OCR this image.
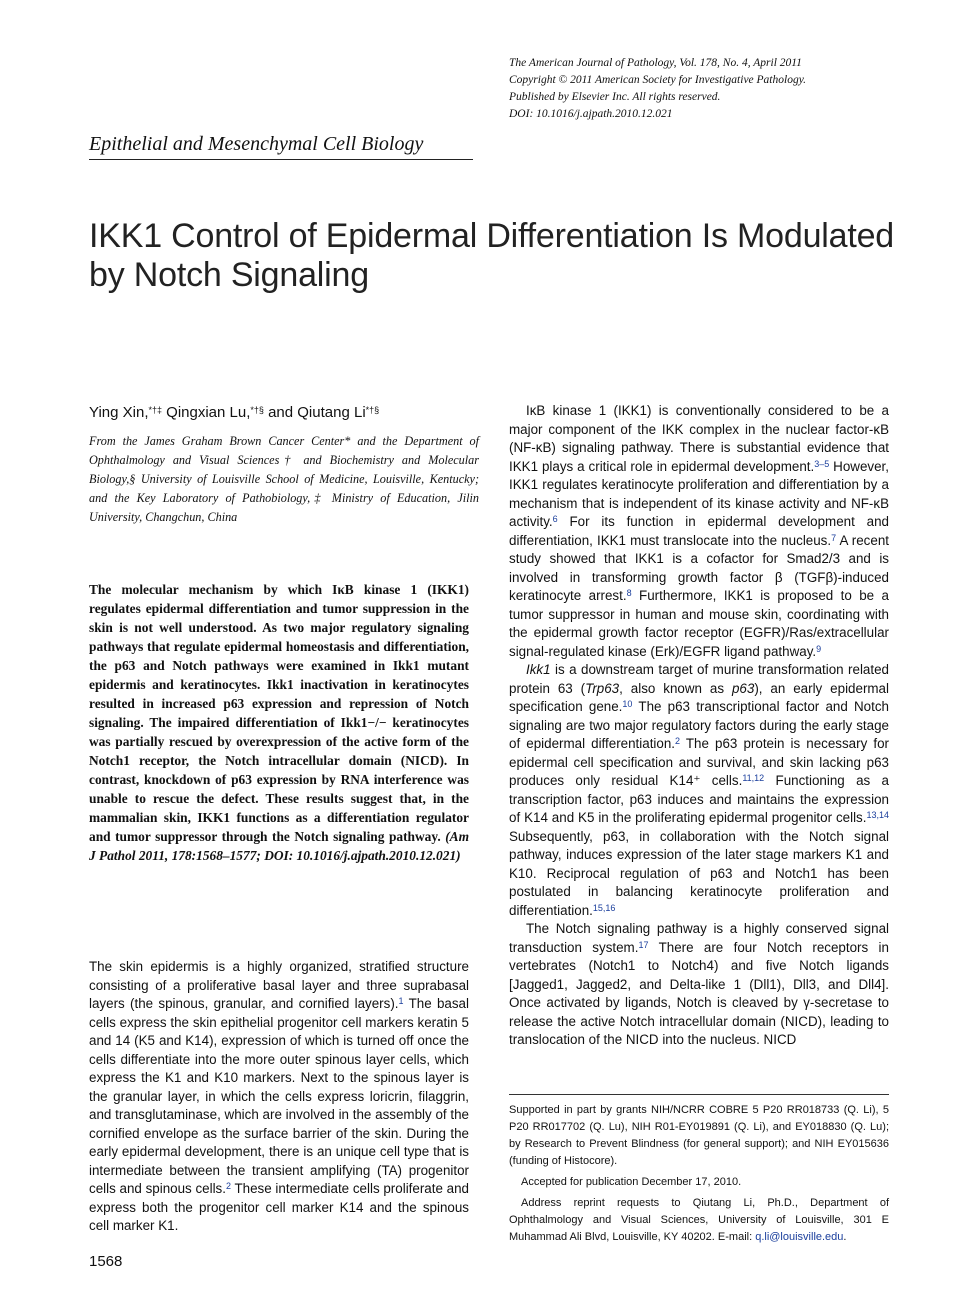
The American Journal of Pathology, Vol. 178, No. 4, April 2011
Copyright © 2011 American Society for Investigative Pathology.
Published by Elsevier Inc. All rights reserved.
DOI: 10.1016/j.ajpath.2010.12.021
Epithelial and Mesenchymal Cell Biology
IKK1 Control of Epidermal Differentiation Is Modulated by Notch Signaling
Ying Xin,*†‡ Qingxian Lu,*†§ and Qiutang Li*†§
From the James Graham Brown Cancer Center* and the Department of Ophthalmology and Visual Sciences† and Biochemistry and Molecular Biology,§ University of Louisville School of Medicine, Louisville, Kentucky; and the Key Laboratory of Pathobiology,‡ Ministry of Education, Jilin University, Changchun, China
The molecular mechanism by which IκB kinase 1 (IKK1) regulates epidermal differentiation and tumor suppression in the skin is not well understood. As two major regulatory signaling pathways that regulate epidermal homeostasis and differentiation, the p63 and Notch pathways were examined in Ikk1 mutant epidermis and keratinocytes. Ikk1 inactivation in keratinocytes resulted in increased p63 expression and repression of Notch signaling. The impaired differentiation of Ikk1−/− keratinocytes was partially rescued by overexpression of the active form of the Notch1 receptor, the Notch intracellular domain (NICD). In contrast, knockdown of p63 expression by RNA interference was unable to rescue the defect. These results suggest that, in the mammalian skin, IKK1 functions as a differentiation regulator and tumor suppressor through the Notch signaling pathway. (Am J Pathol 2011, 178:1568–1577; DOI: 10.1016/j.ajpath.2010.12.021)

The skin epidermis is a highly organized, stratified structure consisting of a proliferative basal layer and three suprabasal layers (the spinous, granular, and cornified layers).$^1$ The basal cells express the skin epithelial progenitor cell markers keratin 5 and 14 (K5 and K14), expression of which is turned off once the cells differentiate into the more outer spinous layer cells, which express the K1 and K10 markers. Next to the spinous layer is the granular layer, in which the cells express loricrin, filaggrin, and transglutaminase, which are involved in the assembly of the cornified envelope as the surface barrier of the skin. During the early epidermal development, there is an unique cell type that is intermediate between the transient amplifying (TA) progenitor cells and spinous cells.$^2$ These intermediate cells proliferate and express both the progenitor cell marker K14 and the spinous cell marker K1.

IκB kinase 1 (IKK1) is conventionally considered to be a major component of the IKK complex in the nuclear factor-κB (NF-κB) signaling pathway. There is substantial evidence that IKK1 plays a critical role in epidermal development.$^{3-5}$ However, IKK1 regulates keratinocyte proliferation and differentiation by a mechanism that is independent of its kinase activity and NF-κB activity.$^6$ For its function in epidermal development and differentiation, IKK1 must translocate into the nucleus.$^7$ A recent study showed that IKK1 is a cofactor for Smad2/3 and is involved in transforming growth factor β (TGFβ)-induced keratinocyte arrest.$^8$ Furthermore, IKK1 is proposed to be a tumor suppressor in human and mouse skin, coordinating with the epidermal growth factor receptor (EGFR)/Ras/extracellular signal-regulated kinase (Erk)/EGFR ligand pathway.$^9$

Ikk1 is a downstream target of murine transformation related protein 63 (Trp63, also known as p63), an early epidermal specification gene.$^{10}$ The p63 transcriptional factor and Notch signaling are two major regulatory factors during the early stage of epidermal differentiation.$^2$ The p63 protein is necessary for epidermal cell specification and survival, and skin lacking p63 produces only residual K14⁺ cells.$^{11,12}$ Functioning as a transcription factor, p63 induces and maintains the expression of K14 and K5 in the proliferating epidermal progenitor cells.$^{13,14}$ Subsequently, p63, in collaboration with the Notch signal pathway, induces expression of the later stage markers K1 and K10. Reciprocal regulation of p63 and Notch1 has been postulated in balancing keratinocyte proliferation and differentiation.$^{15,16}$

The Notch signaling pathway is a highly conserved signal transduction system.$^{17}$ There are four Notch receptors in vertebrates (Notch1 to Notch4) and five Notch ligands [Jagged1, Jagged2, and Delta-like 1 (Dll1), Dll3, and Dll4]. Once activated by ligands, Notch is cleaved by γ-secretase to release the active Notch intracellular domain (NICD), leading to translocation of the NICD into the nucleus. NICD

Supported in part by grants NIH/NCRR COBRE 5 P20 RR018733 (Q. Li), 5 P20 RR017702 (Q. Lu), NIH R01-EY019891 (Q. Li), and EY018830 (Q. Lu); by Research to Prevent Blindness (for general support); and NIH EY015636 (funding of Histocore).

Accepted for publication December 17, 2010.

Address reprint requests to Qiutang Li, Ph.D., Department of Ophthalmology and Visual Sciences, University of Louisville, 301 E Muhammad Ali Blvd, Louisville, KY 40202. E-mail: q.li@louisville.edu.

1568
